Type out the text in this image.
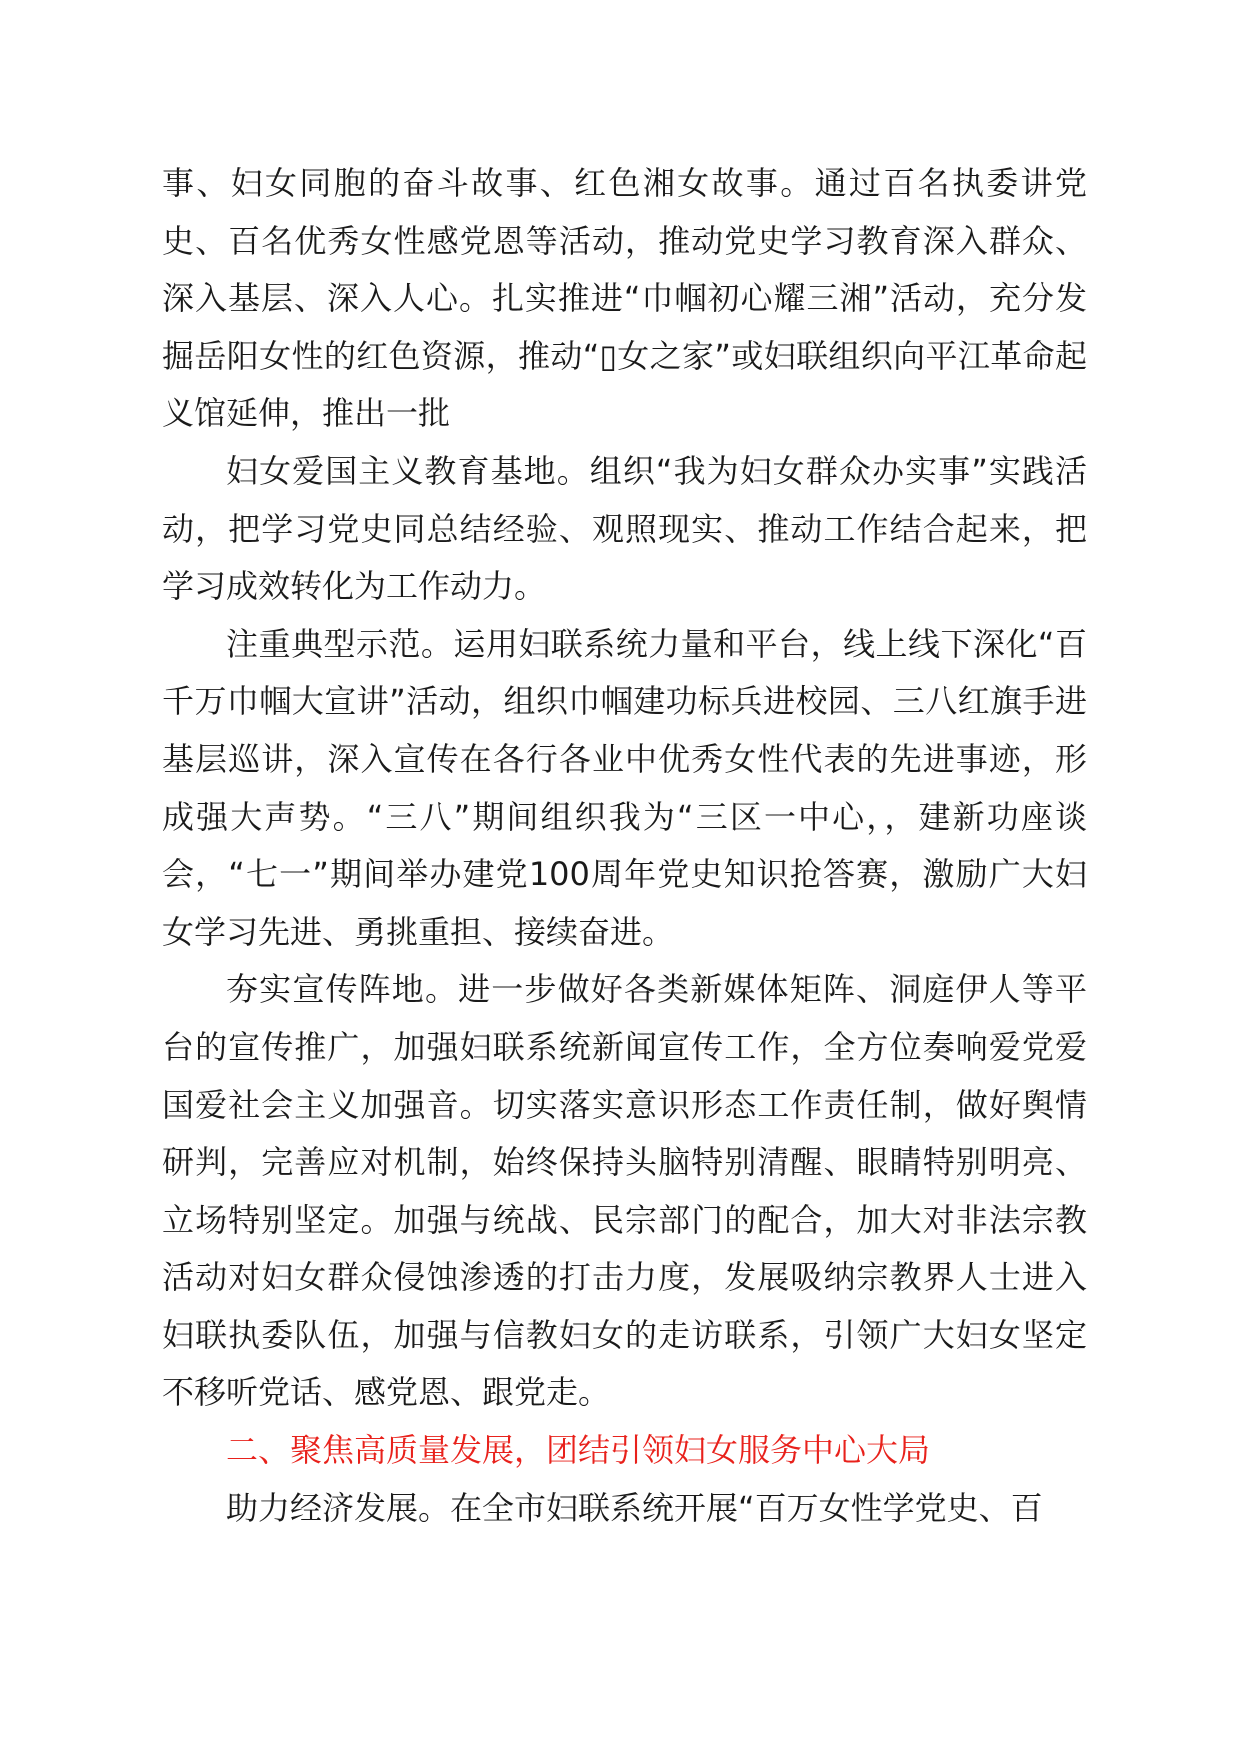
事、妇女同胞的奋斗故事、红色湘女故事。通过百名执委讲党史、百名优秀女性感党恩等活动，推动党史学习教育深入群众、深入基层、深入人心。扎实推进“巾帼初心耀三湘”活动，充分发掘岳阳女性的红色资源，推动“▯女之家”或妇联组织向平江革命起义馆延伸，推出一批

妇女爱国主义教育基地。组织“我为妇女群众办实事”实践活动，把学习党史同总结经验、观照现实、推动工作结合起来，把学习成效转化为工作动力。

注重典型示范。运用妇联系统力量和平台，线上线下深化“百千万巾帼大宣讲”活动，组织巾帼建功标兵进校园、三八红旗手进基层巡讲，深入宣传在各行各业中优秀女性代表的先进事迹，形成强大声势。“三八”期间组织我为“三区一中心，，建新功座谈会，“七一”期间举办建党100周年党史知识抢答赛，激励广大妇女学习先进、勇挑重担、接续奋进。

夯实宣传阵地。进一步做好各类新媒体矩阵、洞庭伊人等平台的宣传推广，加强妇联系统新闻宣传工作，全方位奏响爱党爱国爱社会主义加强音。切实落实意识形态工作责任制，做好舆情研判，完善应对机制，始终保持头脑特别清醒、眼睛特别明亮、立场特别坚定。加强与统战、民宗部门的配合，加大对非法宗教活动对妇女群众侵蚀渗透的打击力度，发展吸纳宗教界人士进入妇联执委队伍，加强与信教妇女的走访联系，引领广大妇女坚定不移听党话、感党恩、跟党走。

二、聚焦高质量发展，团结引领妇女服务中心大局

助力经济发展。在全市妇联系统开展“百万女性学党史、百
